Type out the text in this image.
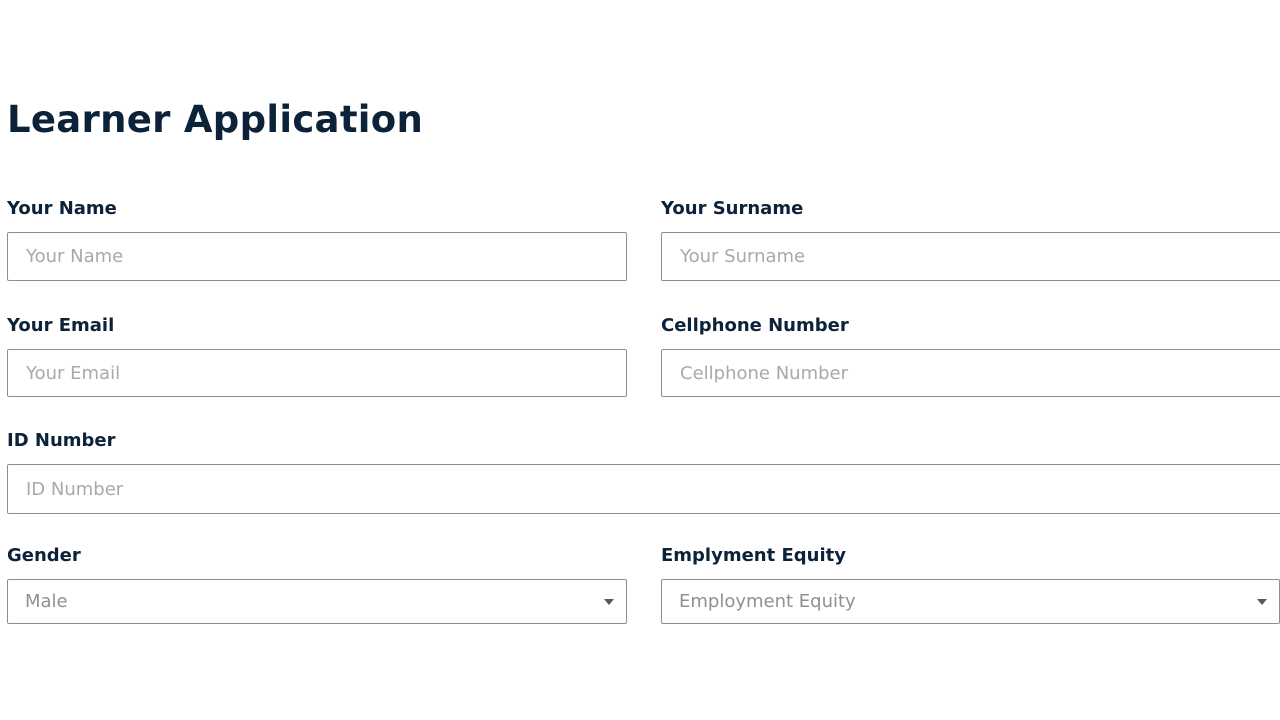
Learner Application
Your Name
Your Name	Your Surname
Your Surname
Your Email
Your Email	Cellphone Number
Cellphone Number
ID Number
ID Number
Gender
Male
Emplyment Equity
Employment Equity
